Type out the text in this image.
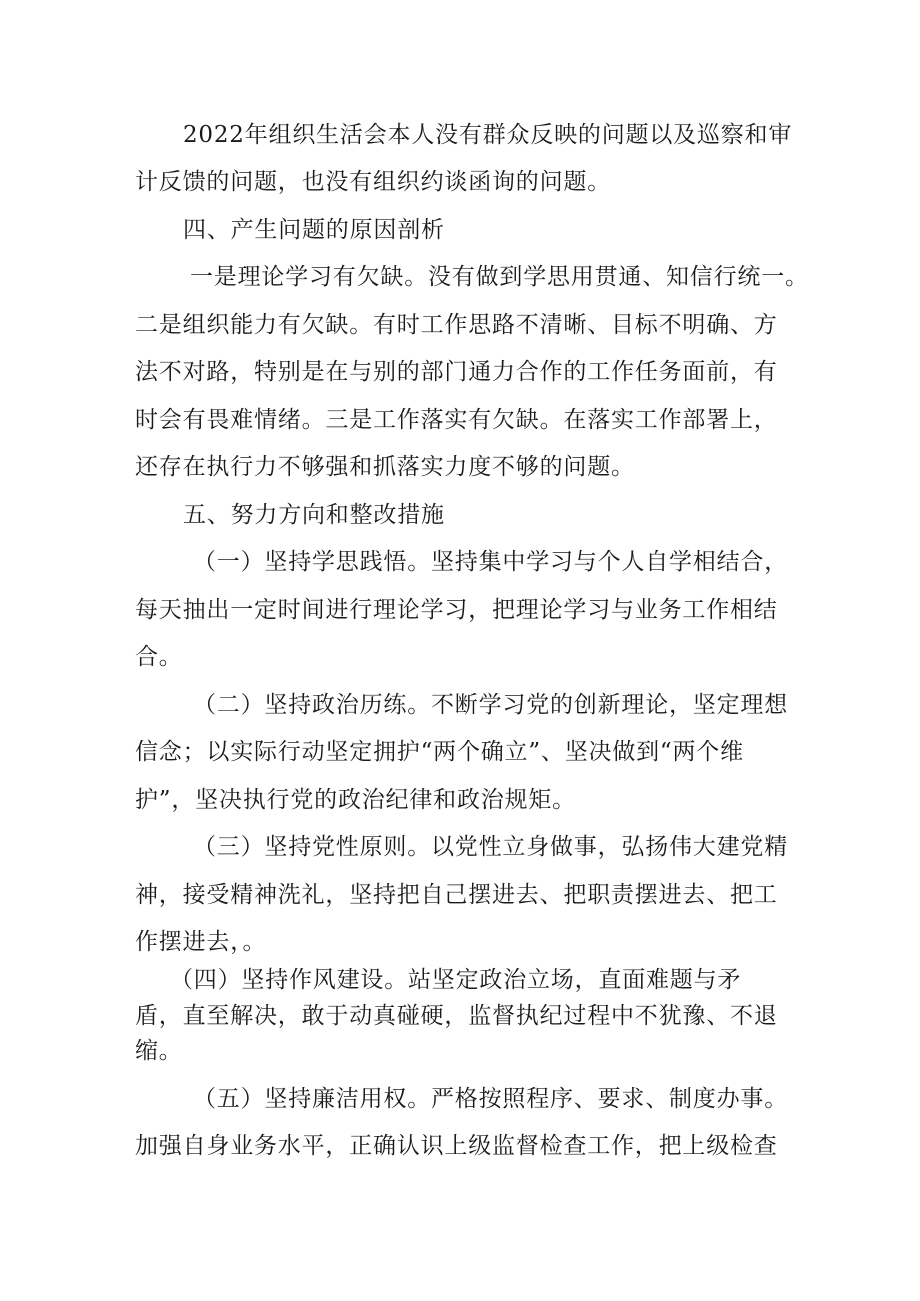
2022年组织生活会本人没有群众反映的问题以及巡察和审
计反馈的问题，也没有组织约谈函询的问题。
四、产生问题的原因剖析
一是理论学习有欠缺。没有做到学思用贯通、知信行统一。
二是组织能力有欠缺。有时工作思路不清晰、目标不明确、方
法不对路，特别是在与别的部门通力合作的工作任务面前，有
时会有畏难情绪。三是工作落实有欠缺。在落实工作部署上，
还存在执行力不够强和抓落实力度不够的问题。
五、努力方向和整改措施
（一）坚持学思践悟。坚持集中学习与个人自学相结合，
每天抽出一定时间进行理论学习，把理论学习与业务工作相结
合。
（二）坚持政治历练。不断学习党的创新理论，坚定理想
信念；以实际行动坚定拥护“两个确立”、坚决做到“两个维
护”，坚决执行党的政治纪律和政治规矩。
（三）坚持党性原则。以党性立身做事，弘扬伟大建党精
神，接受精神洗礼，坚持把自己摆进去、把职责摆进去、把工
作摆进去，。
（四）坚持作风建设。站坚定政治立场，直面难题与矛
盾，直至解决，敢于动真碰硬，监督执纪过程中不犹豫、不退
缩。
（五）坚持廉洁用权。严格按照程序、要求、制度办事。
加强自身业务水平，正确认识上级监督检查工作，把上级检查
